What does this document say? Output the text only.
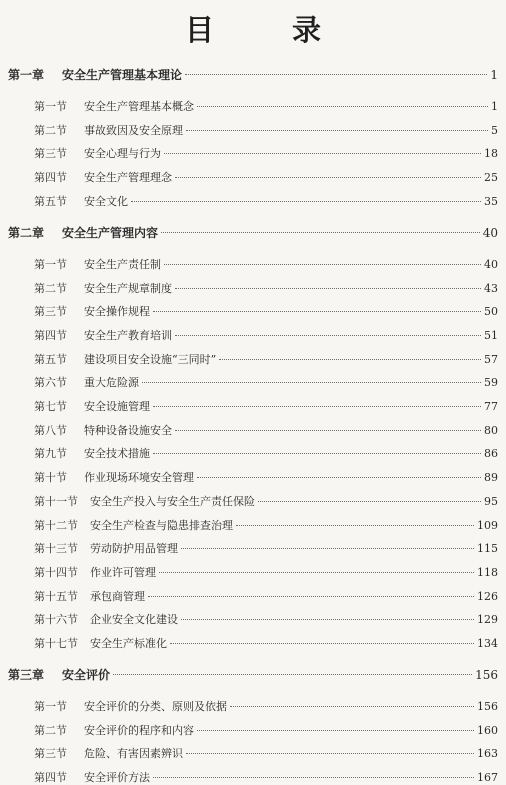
目	录
第一章	安全生产管理基本理论	1
第一节	安全生产管理基本概念	1
第二节	事故致因及安全原理	5
第三节	安全心理与行为	18
第四节	安全生产管理理念	25
第五节	安全文化	35
第二章	安全生产管理内容	40
第一节	安全生产责任制	40
第二节	安全生产规章制度	43
第三节	安全操作规程	50
第四节	安全生产教育培训	51
第五节	建设项目安全设施“三同时”	57
第六节	重大危险源	59
第七节	安全设施管理	77
第八节	特种设备设施安全	80
第九节	安全技术措施	86
第十节	作业现场环境安全管理	89
第十一节	安全生产投入与安全生产责任保险	95
第十二节	安全生产检查与隐患排查治理	109
第十三节	劳动防护用品管理	115
第十四节	作业许可管理	118
第十五节	承包商管理	126
第十六节	企业安全文化建设	129
第十七节	安全生产标准化	134
第三章	安全评价	156
第一节	安全评价的分类、原则及依据	156
第二节	安全评价的程序和内容	160
第三节	危险、有害因素辨识	163
第四节	安全评价方法	167
